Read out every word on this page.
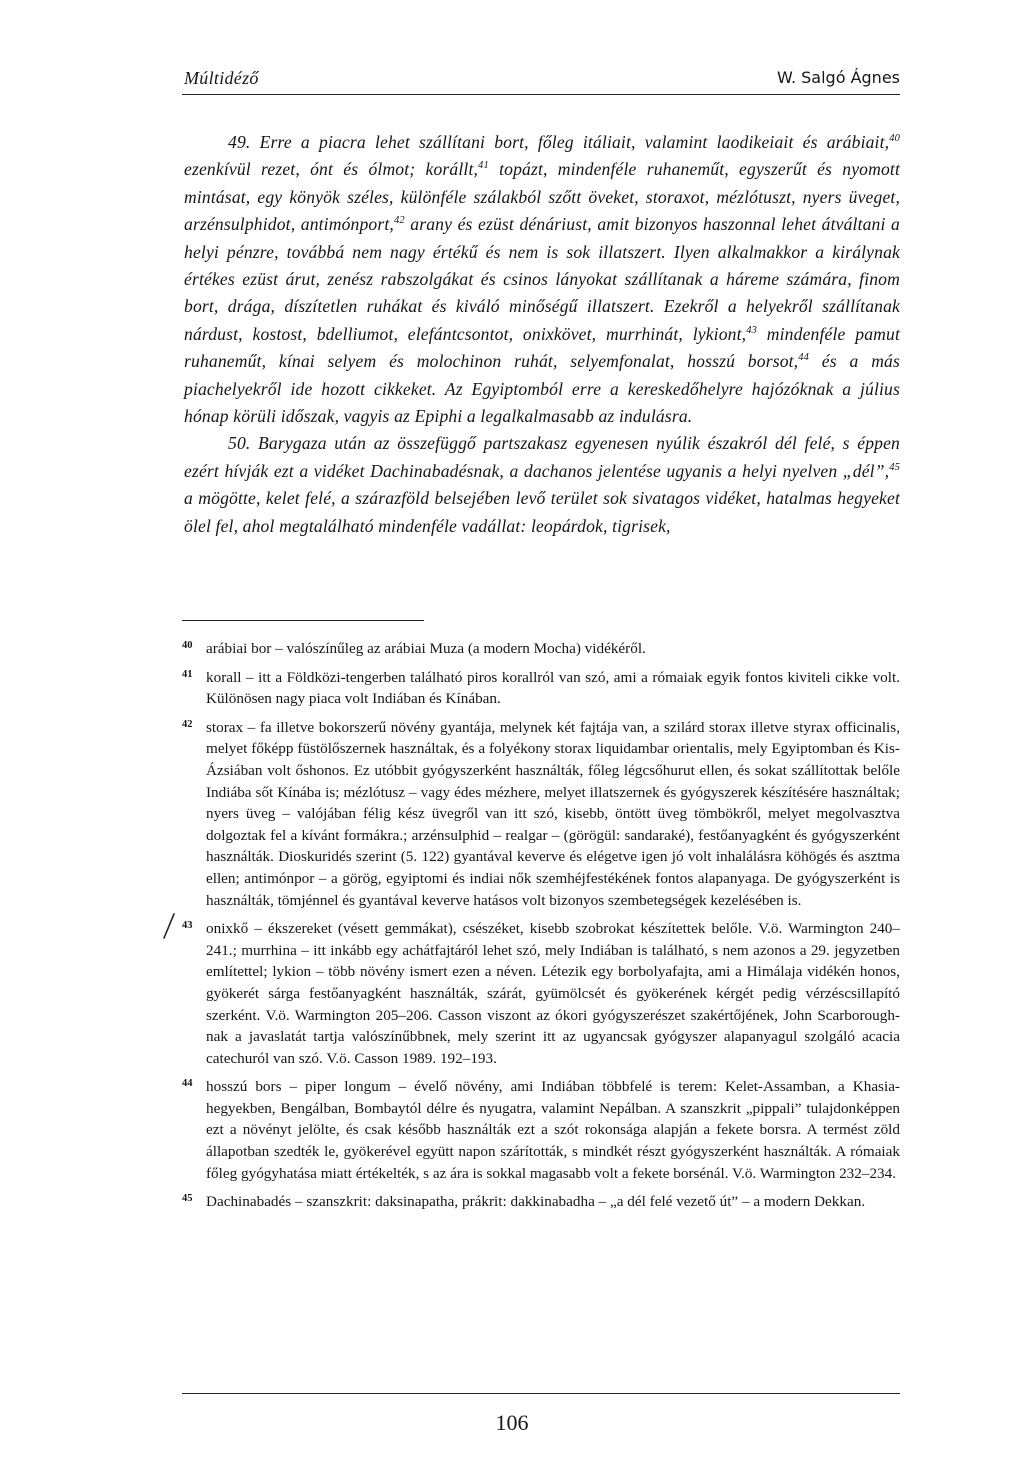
Múltidéző	W. Salgó Ágnes

49. Erre a piacra lehet szállítani bort, főleg itáliait, valamint laodikeiait és arábiait,$^{40}$ ezenkívül rezet, ónt és ólmot; korállt,$^{41}$ topázt, mindenféle ruhaneműt, egyszerűt és nyomott mintásat, egy könyök széles, különféle szálakból szőtt öveket, storaxot, mézlótuszt, nyers üveget, arzénsulphidot, antimónport,$^{42}$ arany és ezüst dénáriust, amit bizonyos haszonnal lehet átváltani a helyi pénzre, továbbá nem nagy értékű és nem is sok illatszert. Ilyen alkalmakkor a királynak értékes ezüst árut, zenész rabszolgákat és csinos lányokat szállítanak a háreme számára, finom bort, drága, díszítetlen ruhákat és kiváló minőségű illatszert. Ezekről a helyekről szállítanak nárdust, kostost, bdelliumot, elefántcsontot, onixkövet, murrhinát, lykiont,$^{43}$ mindenféle pamut ruhaneműt, kínai selyem és molochinon ruhát, selyemfonalat, hosszú borsot,$^{44}$ és a más piachelyekről ide hozott cikkeket. Az Egyiptomból erre a kereskedőhelyre hajózóknak a július hónap körüli időszak, vagyis az Epiphi a legalkalmasabb az indulásra.

50. Barygaza után az összefüggő partszakasz egyenesen nyúlik északról dél felé, s éppen ezért hívják ezt a vidéket Dachinabadésnak, a dachanos jelentése ugyanis a helyi nyelven „dél”,$^{45}$ a mögötte, kelet felé, a szárazföld belsejében levő terület sok sivatagos vidéket, hatalmas hegyeket ölel fel, ahol megtalálható mindenféle vadállat: leopárdok, tigrisek,

40 arábiai bor – valószínűleg az arábiai Muza (a modern Mocha) vidékéről.
41 korall – itt a Földközi-tengerben található piros korallról van szó, ami a rómaiak egyik fontos kiviteli cikke volt. Különösen nagy piaca volt Indiában és Kínában.
42 storax – fa illetve bokorszerű növény gyantája, melynek két fajtája van, a szilárd storax illetve styrax officinalis, melyet főképp füstölőszernek használtak, és a folyékony storax liquidambar orientalis, mely Egyiptomban és Kis-Ázsiában volt őshonos. Ez utóbbit gyógyszerként használták, főleg légcsőhurut ellen, és sokat szállítottak belőle Indiába sőt Kínába is; mézlótusz – vagy édes mézhere, melyet illatszernek és gyógyszerek készítésére használtak; nyers üveg – valójában félig kész üvegről van itt szó, kisebb, öntött üveg tömbökről, melyet megolvasztva dolgoztak fel a kívánt formákra.; arzénsulphid – realgar – (görögül: sandaraké), festőanyagként és gyógyszerként használták. Dioskuridés szerint (5. 122) gyantával keverve és elégetve igen jó volt inhalálásra köhögés és asztma ellen; antimónpor – a görög, egyiptomi és indiai nők szemhéjfestékének fontos alapanyaga. De gyógyszerként is használták, tömjénnel és gyantával keverve hatásos volt bizonyos szembetegségek kezelésében is.
43 onixkő – ékszereket (vésett gemmákat), csészéket, kisebb szobrokat készítettek belőle. V.ö. Warmington 240–241.; murrhina – itt inkább egy achátfajtáról lehet szó, mely Indiában is található, s nem azonos a 29. jegyzetben említettel; lykion – több növény ismert ezen a néven. Létezik egy borbolyafajta, ami a Himálaja vidékén honos, gyökerét sárga festőanyagként használták, szárát, gyümölcsét és gyökerének kérgét pedig vérzéscsillapító szerként. V.ö. Warmington 205–206. Casson viszont az ókori gyógyszerészet szakértőjének, John Scarborough-nak a javaslatát tartja valószínűbbnek, mely szerint itt az ugyancsak gyógyszer alapanyagul szolgáló acacia catechuról van szó. V.ö. Casson 1989. 192–193.
44 hosszú bors – piper longum – évelő növény, ami Indiában többfelé is terem: Kelet-Assamban, a Khasia-hegyekben, Bengálban, Bombaytól délre és nyugatra, valamint Nepálban. A szanszkrit „pippali” tulajdonképpen ezt a növényt jelölte, és csak később használták ezt a szót rokonsága alapján a fekete borsra. A termést zöld állapotban szedték le, gyökerével együtt napon szárították, s mindkét részt gyógyszerként használták. A rómaiak főleg gyógyhatása miatt értékelték, s az ára is sokkal magasabb volt a fekete borsénál. V.ö. Warmington 232–234.
45 Dachinabadés – szanszkrit: daksinapatha, prákrit: dakkinabadha – „a dél felé vezető út” – a modern Dekkan.
106
